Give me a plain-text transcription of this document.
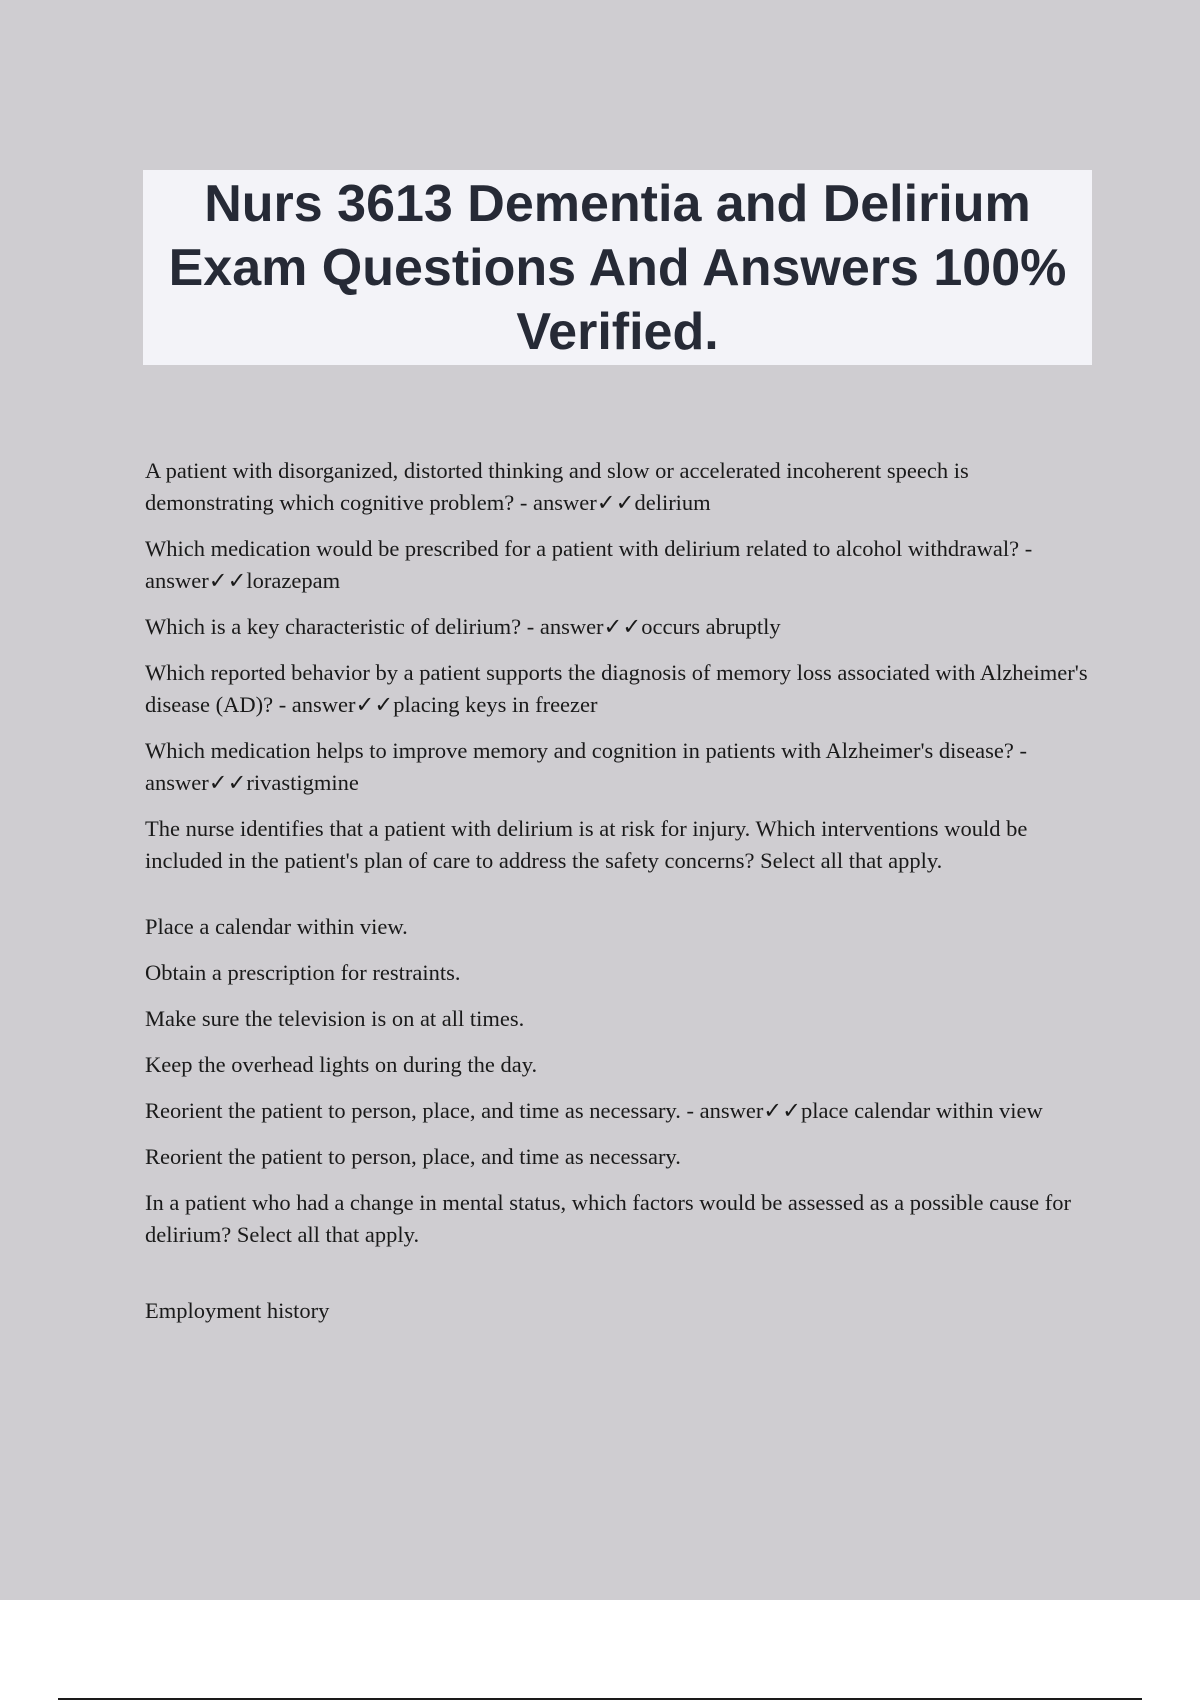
Nurs 3613 Dementia and Delirium Exam Questions And Answers 100% Verified.

A patient with disorganized, distorted thinking and slow or accelerated incoherent speech is demonstrating which cognitive problem? - answer✓✓delirium

Which medication would be prescribed for a patient with delirium related to alcohol withdrawal? - answer✓✓lorazepam

Which is a key characteristic of delirium? - answer✓✓occurs abruptly

Which reported behavior by a patient supports the diagnosis of memory loss associated with Alzheimer's disease (AD)? - answer✓✓placing keys in freezer

Which medication helps to improve memory and cognition in patients with Alzheimer's disease? - answer✓✓rivastigmine

The nurse identifies that a patient with delirium is at risk for injury. Which interventions would be included in the patient's plan of care to address the safety concerns? Select all that apply.

Place a calendar within view.

Obtain a prescription for restraints.

Make sure the television is on at all times.

Keep the overhead lights on during the day.

Reorient the patient to person, place, and time as necessary. - answer✓✓place calendar within view

Reorient the patient to person, place, and time as necessary.

In a patient who had a change in mental status, which factors would be assessed as a possible cause for delirium? Select all that apply.

Employment history
